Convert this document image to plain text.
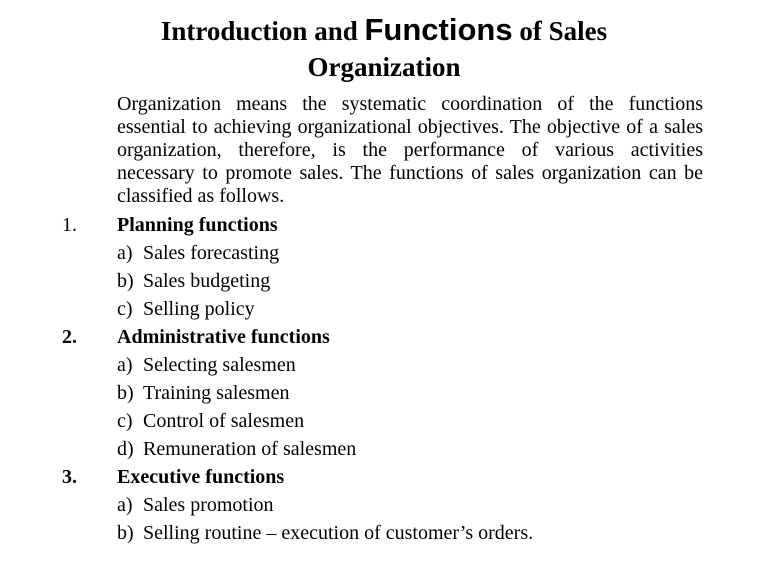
Introduction and Functions of Sales
Organization
Organization means the systematic coordination of the functions essential to achieving organizational objectives. The objective of a sales organization, therefore, is the performance of various activities necessary to promote sales. The functions of sales organization can be classified as follows.
1. Planning functions
a) Sales forecasting
b) Sales budgeting
c) Selling policy
2. Administrative functions
a) Selecting salesmen
b) Training salesmen
c) Control of salesmen
d) Remuneration of salesmen
3. Executive functions
a) Sales promotion
b) Selling routine – execution of customer’s orders.
